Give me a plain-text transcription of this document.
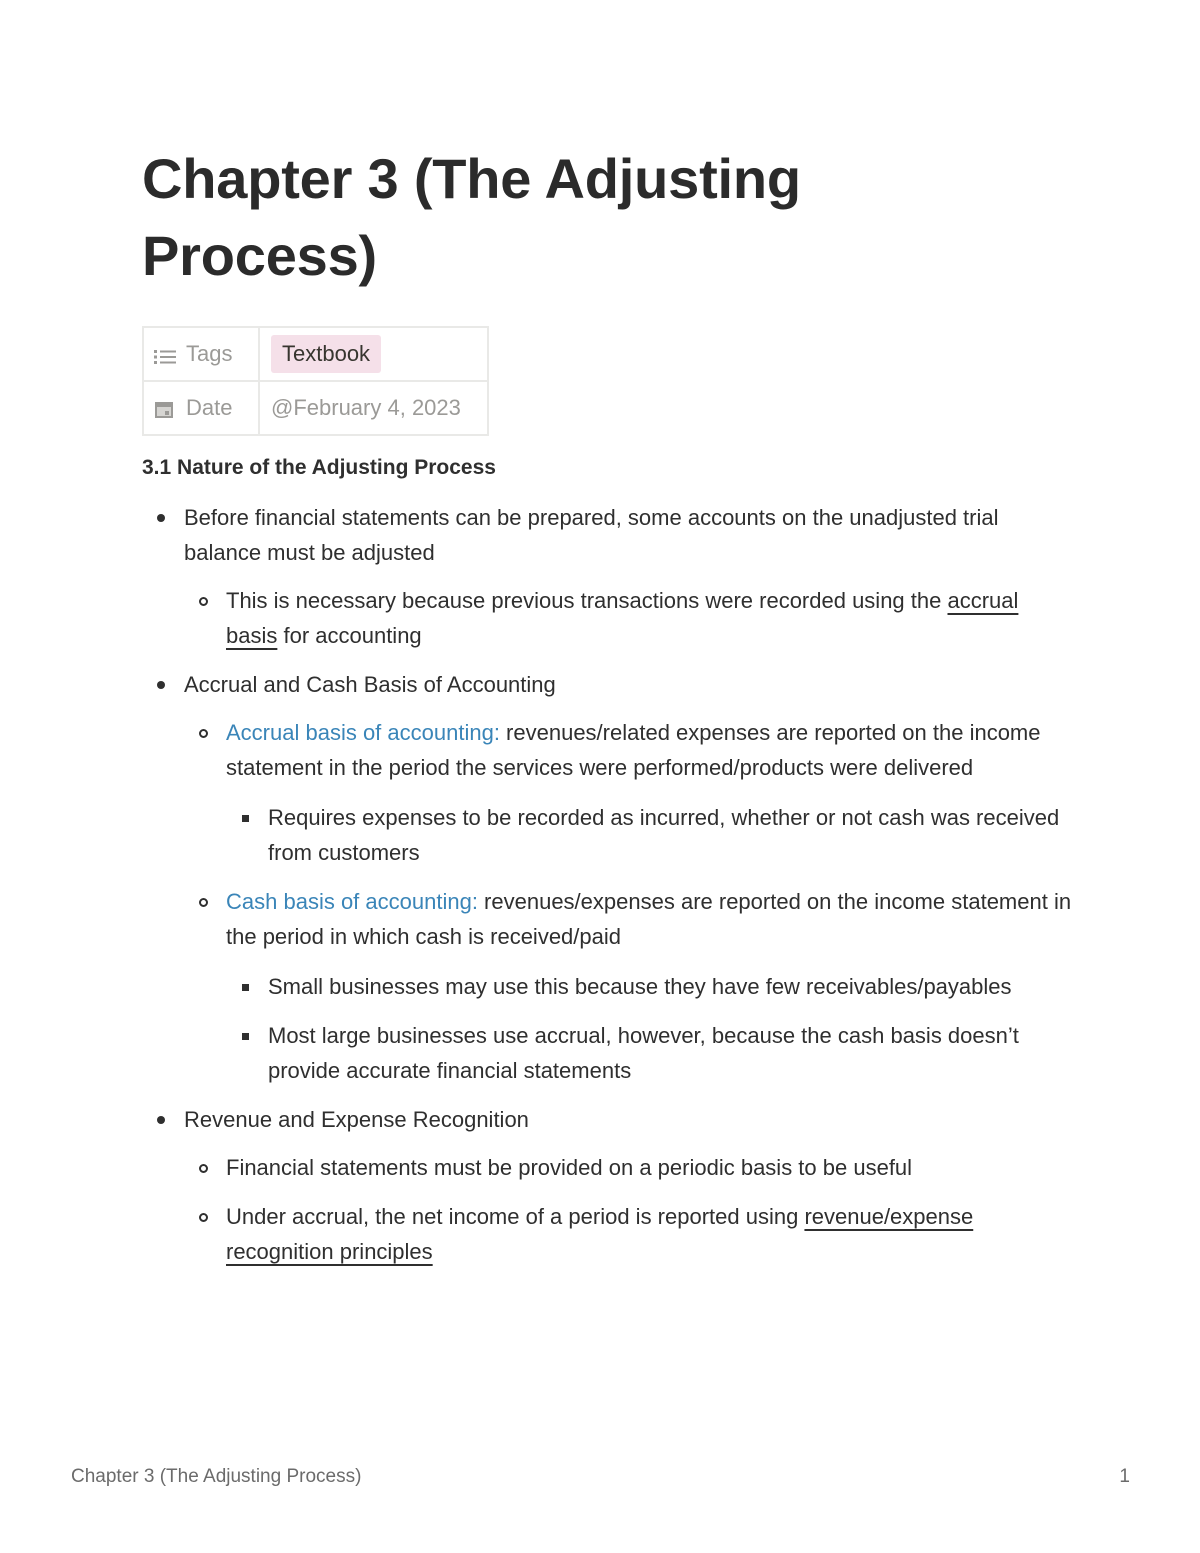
Chapter 3 (The Adjusting Process)
Tags	Textbook
Date	@February 4, 2023
3.1 Nature of the Adjusting Process
Before financial statements can be prepared, some accounts on the unadjusted trial balance must be adjusted
This is necessary because previous transactions were recorded using the accrual basis for accounting
Accrual and Cash Basis of Accounting
Accrual basis of accounting: revenues/related expenses are reported on the income statement in the period the services were performed/products were delivered
Requires expenses to be recorded as incurred, whether or not cash was received from customers
Cash basis of accounting: revenues/expenses are reported on the income statement in the period in which cash is received/paid
Small businesses may use this because they have few receivables/payables
Most large businesses use accrual, however, because the cash basis doesn’t provide accurate financial statements
Revenue and Expense Recognition
Financial statements must be provided on a periodic basis to be useful
Under accrual, the net income of a period is reported using revenue/expense recognition principles
Chapter 3 (The Adjusting Process)	1
